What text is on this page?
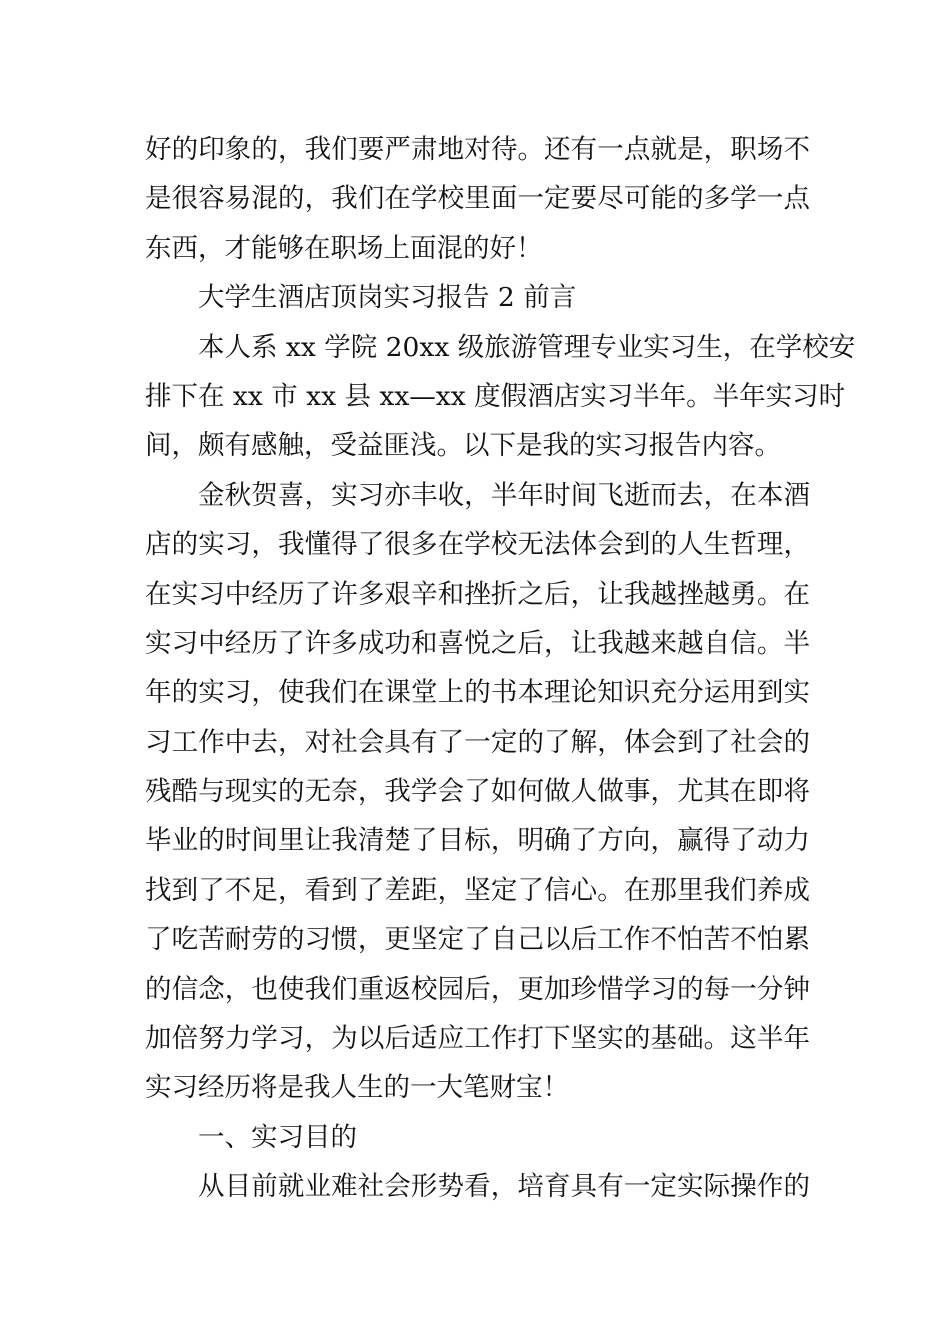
好的印象的，我们要严肃地对待。还有一点就是，职场不
是很容易混的，我们在学校里面一定要尽可能的多学一点
东西，才能够在职场上面混的好！
大学生酒店顶岗实习报告 2 前言
本人系 xx 学院 20xx 级旅游管理专业实习生，在学校安
排下在 xx 市 xx 县 xx—xx 度假酒店实习半年。半年实习时
间，颇有感触，受益匪浅。以下是我的实习报告内容。
金秋贺喜，实习亦丰收，半年时间飞逝而去，在本酒
店的实习，我懂得了很多在学校无法体会到的人生哲理，
在实习中经历了许多艰辛和挫折之后，让我越挫越勇。在
实习中经历了许多成功和喜悦之后，让我越来越自信。半
年的实习，使我们在课堂上的书本理论知识充分运用到实
习工作中去，对社会具有了一定的了解，体会到了社会的
残酷与现实的无奈，我学会了如何做人做事，尤其在即将
毕业的时间里让我清楚了目标，明确了方向，赢得了动力
找到了不足，看到了差距，坚定了信心。在那里我们养成
了吃苦耐劳的习惯，更坚定了自己以后工作不怕苦不怕累
的信念，也使我们重返校园后，更加珍惜学习的每一分钟
加倍努力学习，为以后适应工作打下坚实的基础。这半年
实习经历将是我人生的一大笔财宝！
一、实习目的
从目前就业难社会形势看，培育具有一定实际操作的
